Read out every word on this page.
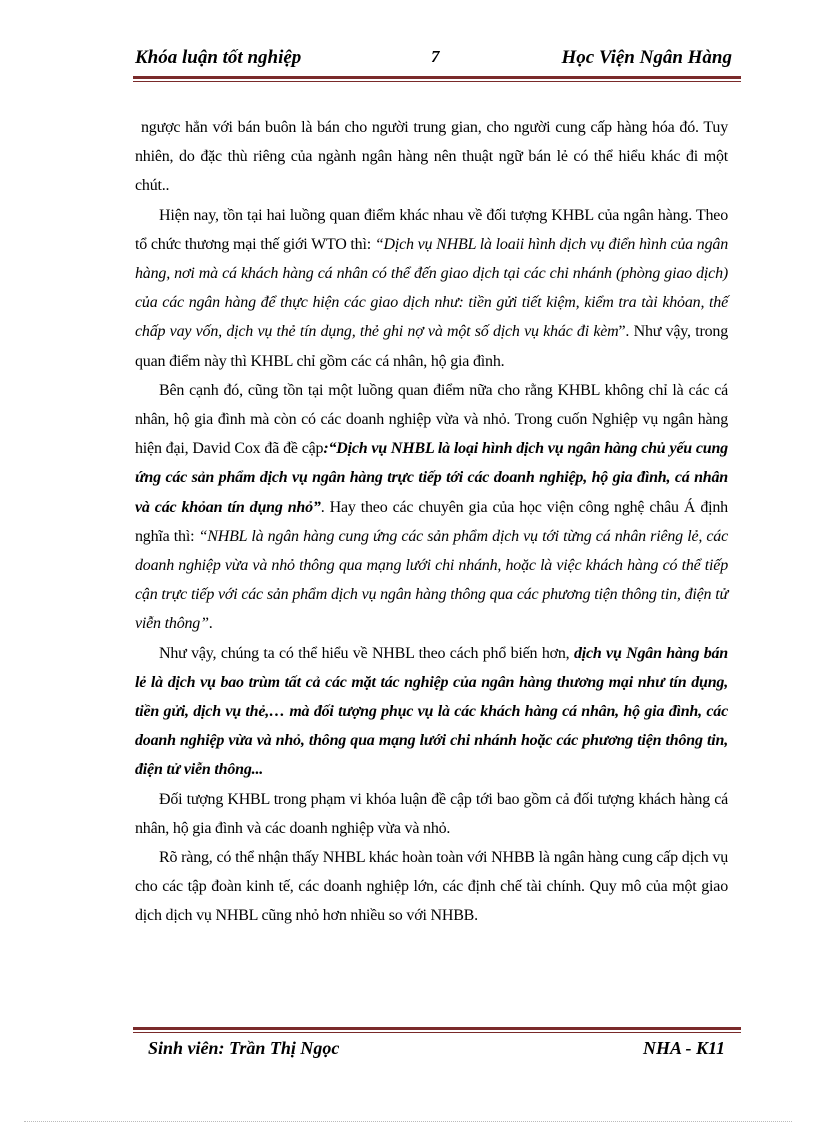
Khóa luận tốt nghiệp	7	Học Viện Ngân Hàng

ngược hẳn với bán buôn là bán cho người trung gian, cho người cung cấp hàng hóa đó. Tuy nhiên, do đặc thù riêng của ngành ngân hàng nên thuật ngữ bán lẻ có thể hiểu khác đi một chút..

Hiện nay, tồn tại hai luồng quan điểm khác nhau về đối tượng KHBL của ngân hàng. Theo tổ chức thương mại thế giới WTO thì: “Dịch vụ NHBL là loaii hình dịch vụ điển hình của ngân hàng, nơi mà cá khách hàng cá nhân có thể đến giao dịch tại các chi nhánh (phòng giao dịch) của các ngân hàng để thực hiện các giao dịch như: tiền gửi tiết kiệm, kiểm tra tài khỏan, thế chấp vay vốn, dịch vụ thẻ tín dụng, thẻ ghi nợ và một số dịch vụ khác đi kèm”. Như vậy, trong quan điểm này thì KHBL chỉ gồm các cá nhân, hộ gia đình.

Bên cạnh đó, cũng tồn tại một luồng quan điểm nữa cho rằng KHBL không chỉ là các cá nhân, hộ gia đình mà còn có các doanh nghiệp vừa và nhỏ. Trong cuốn Nghiệp vụ ngân hàng hiện đại, David Cox đã đề cập:“Dịch vụ NHBL là loại hình dịch vụ ngân hàng chủ yếu cung ứng các sản phẩm dịch vụ ngân hàng trực tiếp tới các doanh nghiệp, hộ gia đình, cá nhân và các khỏan tín dụng nhỏ”. Hay theo các chuyên gia của học viện công nghệ châu Á định nghĩa thì: “NHBL là ngân hàng cung ứng các sản phẩm dịch vụ tới từng cá nhân riêng lẻ, các doanh nghiệp vừa và nhỏ thông qua mạng lưới chi nhánh, hoặc là việc khách hàng có thể tiếp cận trực tiếp với các sản phẩm dịch vụ ngân hàng thông qua các phương tiện thông tin, điện tử viễn thông”.

Như vậy, chúng ta có thể hiểu về NHBL theo cách phổ biến hơn, dịch vụ Ngân hàng bán lẻ là dịch vụ bao trùm tất cả các mặt tác nghiệp của ngân hàng thương mại như tín dụng, tiền gửi, dịch vụ thẻ,… mà đối tượng phục vụ là các khách hàng cá nhân, hộ gia đình, các doanh nghiệp vừa và nhỏ, thông qua mạng lưới chi nhánh hoặc các phương tiện thông tin, điện tử viễn thông...

Đối tượng KHBL trong phạm vi khóa luận đề cập tới bao gồm cả đối tượng khách hàng cá nhân, hộ gia đình và các doanh nghiệp vừa và nhỏ.

Rõ ràng, có thể nhận thấy NHBL khác hoàn toàn với NHBB là ngân hàng cung cấp dịch vụ cho các tập đoàn kinh tế, các doanh nghiệp lớn, các định chế tài chính. Quy mô của một giao dịch dịch vụ NHBL cũng nhỏ hơn nhiều so với NHBB.

Sinh viên: Trần Thị Ngọc	NHA - K11
